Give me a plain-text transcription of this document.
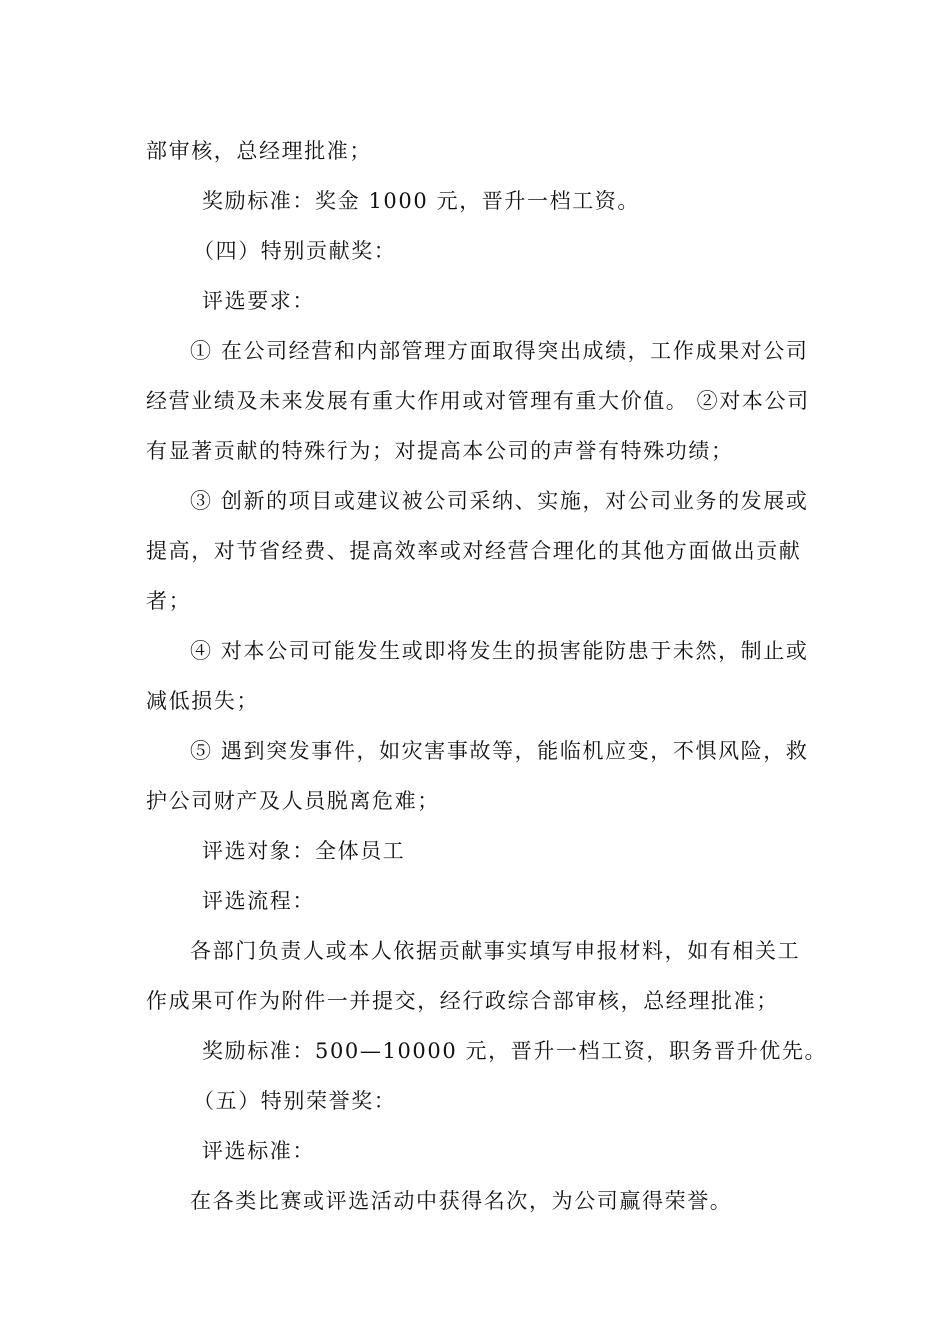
部审核，总经理批准；
奖励标准：奖金 1000 元，晋升一档工资。
（四）特别贡献奖：
评选要求：
① 在公司经营和内部管理方面取得突出成绩，工作成果对公司
经营业绩及未来发展有重大作用或对管理有重大价值。 ②对本公司
有显著贡献的特殊行为；对提高本公司的声誉有特殊功绩；
③ 创新的项目或建议被公司采纳、实施，对公司业务的发展或
提高，对节省经费、提高效率或对经营合理化的其他方面做出贡献
者；
④ 对本公司可能发生或即将发生的损害能防患于未然，制止或
减低损失；
⑤ 遇到突发事件，如灾害事故等，能临机应变，不惧风险，救
护公司财产及人员脱离危难；
评选对象：全体员工
评选流程：
各部门负责人或本人依据贡献事实填写申报材料，如有相关工
作成果可作为附件一并提交，经行政综合部审核，总经理批准；
奖励标准：500—10000 元，晋升一档工资，职务晋升优先。
（五）特别荣誉奖：
评选标准：
在各类比赛或评选活动中获得名次，为公司赢得荣誉。
